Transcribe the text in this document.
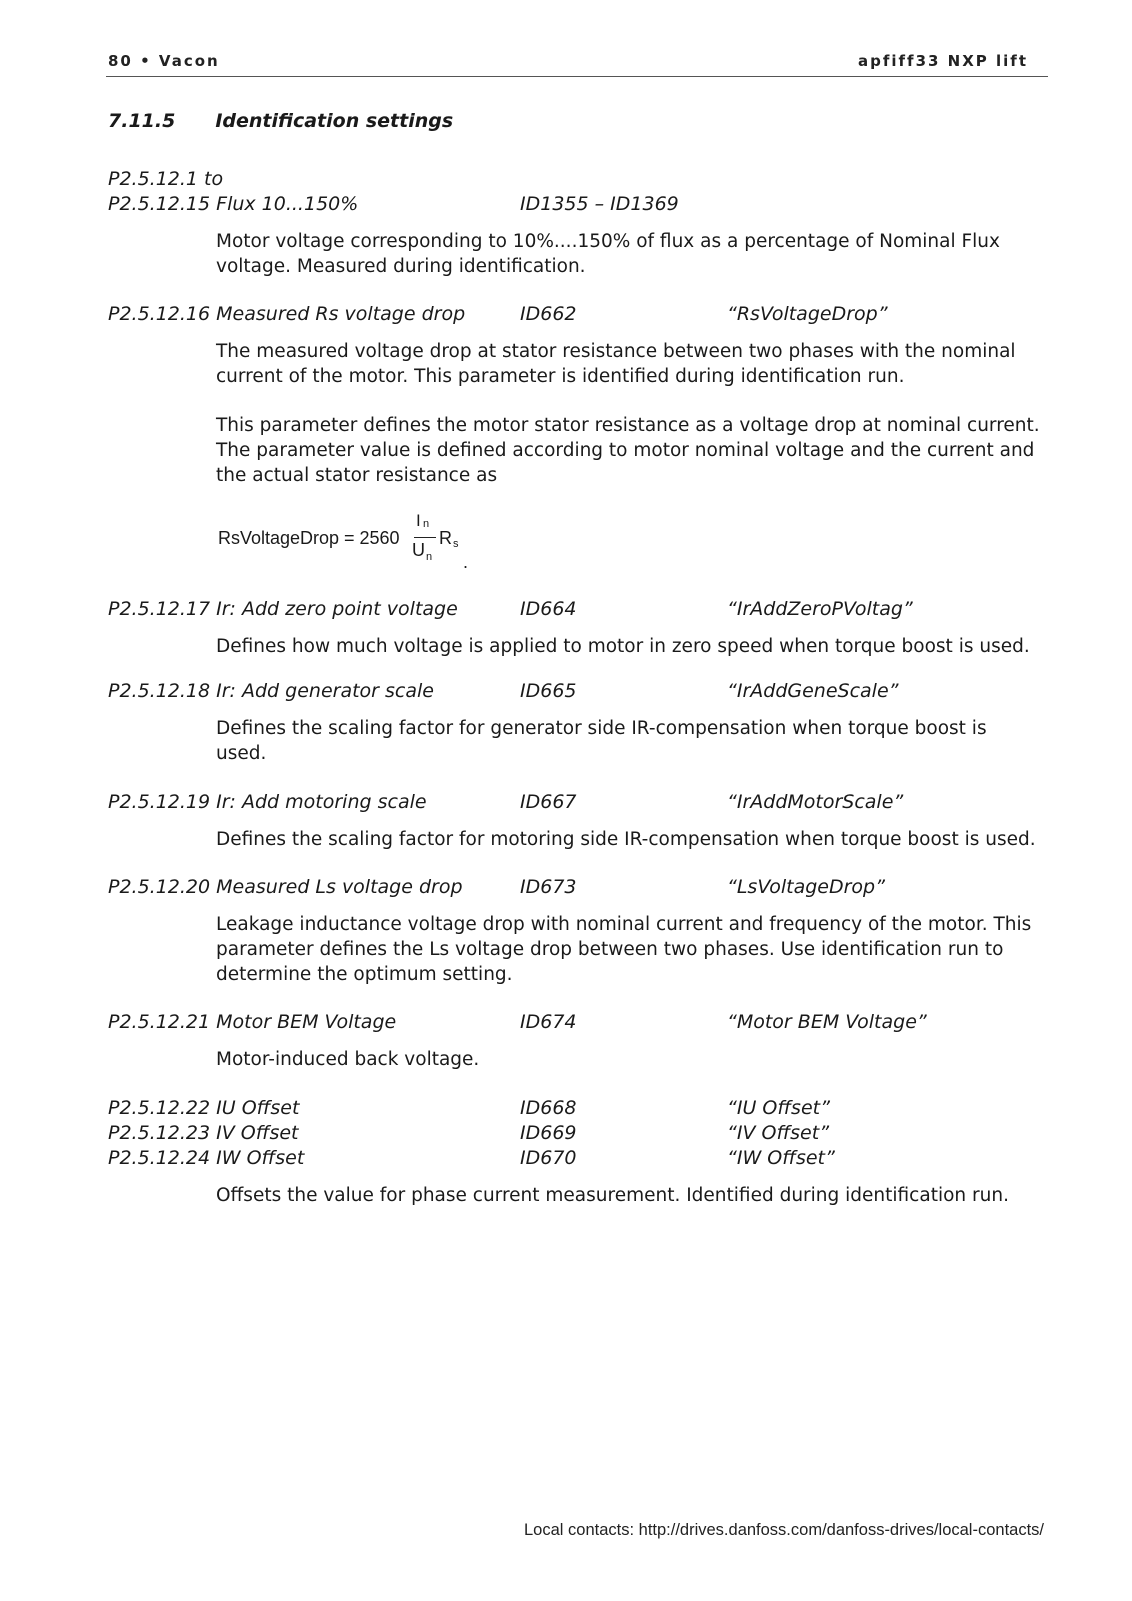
80 • Vacon	apfiff33 NXP lift
7.11.5 Identification settings
P2.5.12.1 to
P2.5.12.15 Flux 10...150%	ID1355 – ID1369
Motor voltage corresponding to 10%....150% of flux as a percentage of Nominal Flux voltage. Measured during identification.
P2.5.12.16 Measured Rs voltage drop	ID662	“RsVoltageDrop”
The measured voltage drop at stator resistance between two phases with the nominal current of the motor. This parameter is identified during identification run.
This parameter defines the motor stator resistance as a voltage drop at nominal current. The parameter value is defined according to motor nominal voltage and the current and the actual stator resistance as
RsVoltageDrop = 2560
I n
U n
R s
.
P2.5.12.17 Ir: Add zero point voltage	ID664	“IrAddZeroPVoltag”
Defines how much voltage is applied to motor in zero speed when torque boost is used.
P2.5.12.18 Ir: Add generator scale	ID665	“IrAddGeneScale”
Defines the scaling factor for generator side IR-compensation when torque boost is used.
P2.5.12.19 Ir: Add motoring scale	ID667	“IrAddMotorScale”
Defines the scaling factor for motoring side IR-compensation when torque boost is used.
P2.5.12.20 Measured Ls voltage drop	ID673	“LsVoltageDrop”
Leakage inductance voltage drop with nominal current and frequency of the motor. This parameter defines the Ls voltage drop between two phases. Use identification run to determine the optimum setting.
P2.5.12.21 Motor BEM Voltage	ID674	“Motor BEM Voltage”
Motor-induced back voltage.
P2.5.12.22 IU Offset	ID668	“IU Offset”
P2.5.12.23 IV Offset	ID669	“IV Offset”
P2.5.12.24 IW Offset	ID670	“IW Offset”
Offsets the value for phase current measurement. Identified during identification run.
Local contacts: http://drives.danfoss.com/danfoss-drives/local-contacts/
